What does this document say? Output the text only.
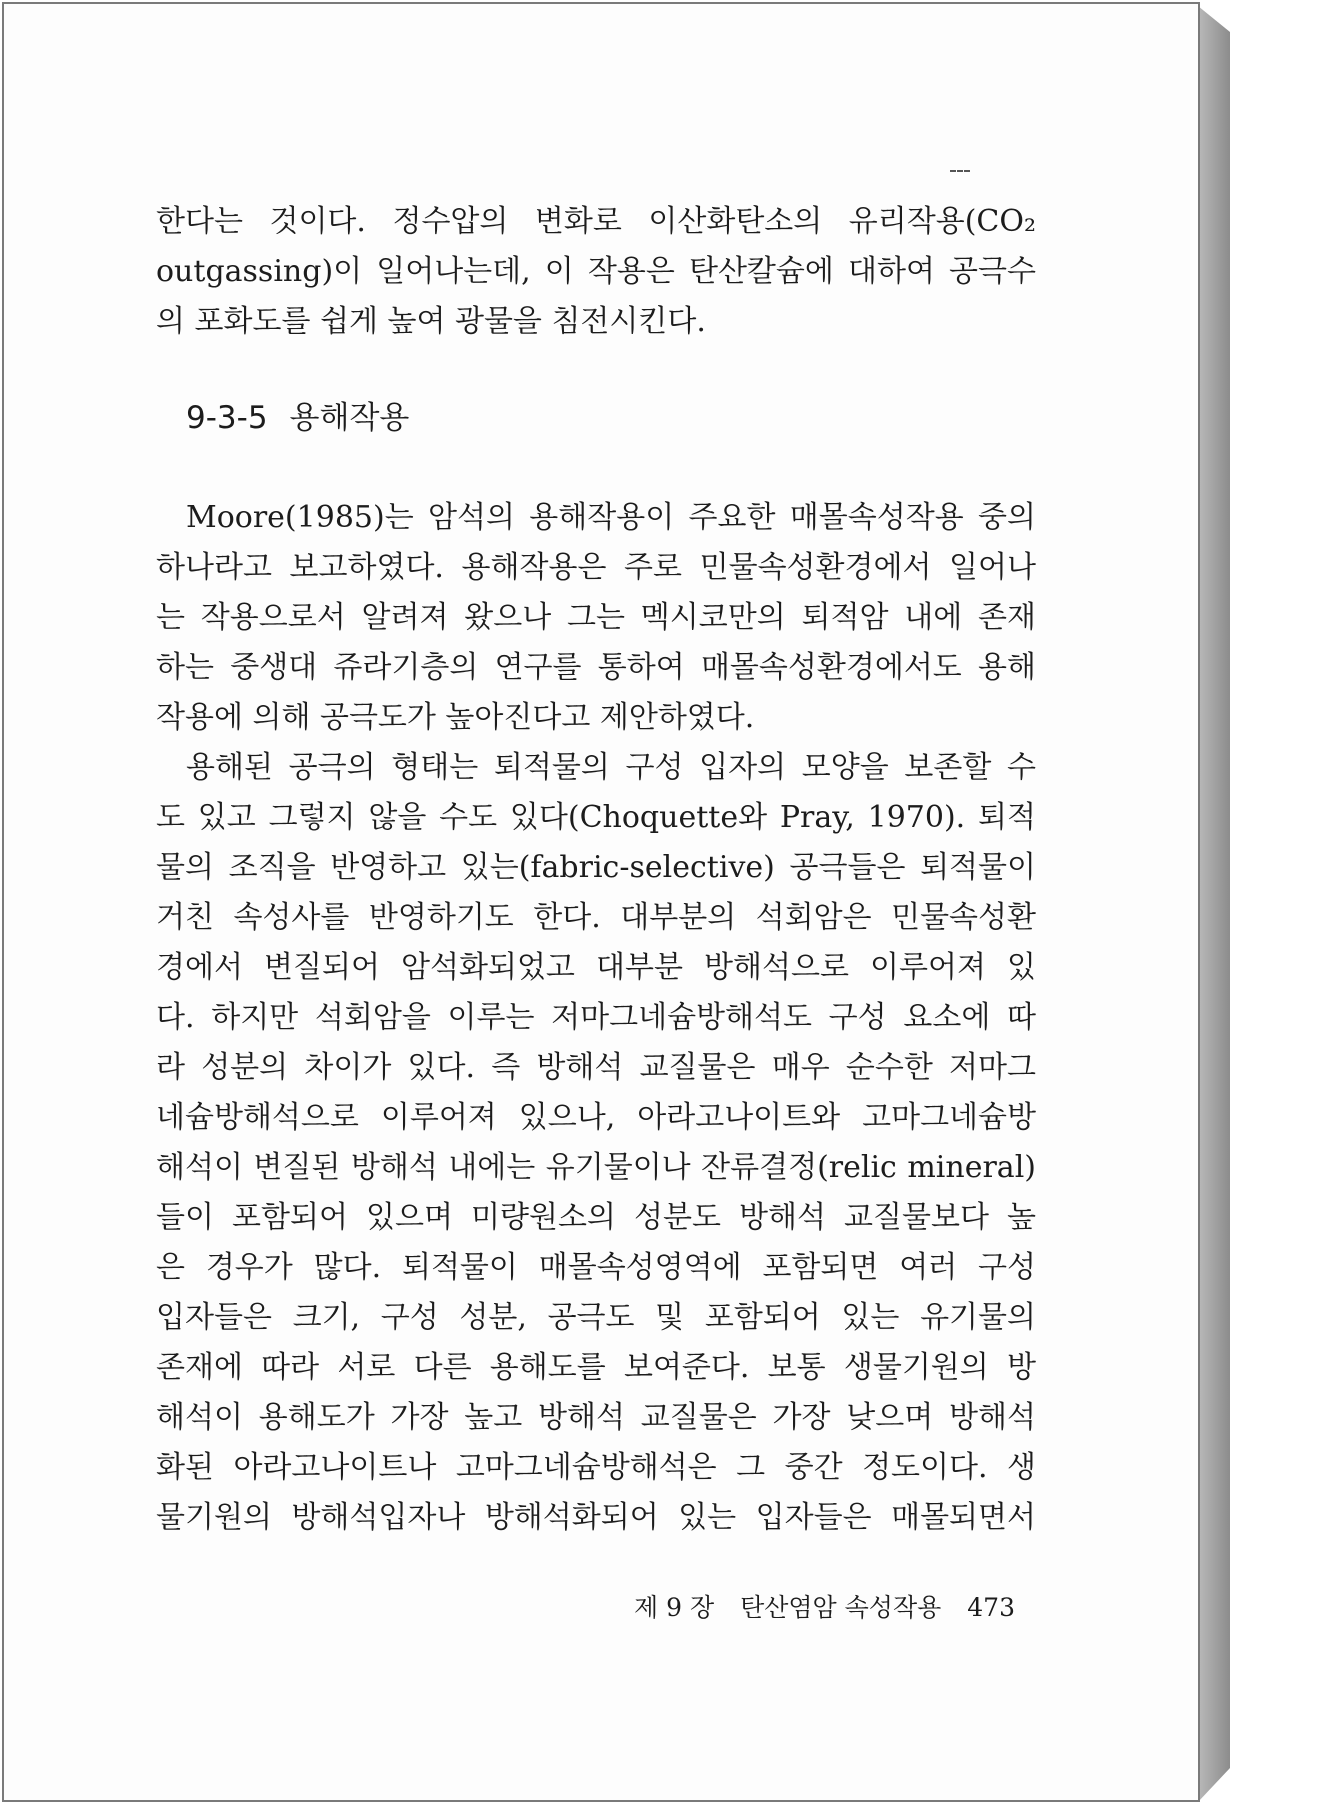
한다는 것이다. 정수압의 변화로 이산화탄소의 유리작용(CO₂
outgassing)이 일어나는데, 이 작용은 탄산칼슘에 대하여 공극수
의 포화도를 쉽게 높여 광물을 침전시킨다.
9-3-5 용해작용
Moore(1985)는 암석의 용해작용이 주요한 매몰속성작용 중의
하나라고 보고하였다. 용해작용은 주로 민물속성환경에서 일어나
는 작용으로서 알려져 왔으나 그는 멕시코만의 퇴적암 내에 존재
하는 중생대 쥬라기층의 연구를 통하여 매몰속성환경에서도 용해
작용에 의해 공극도가 높아진다고 제안하였다.
용해된 공극의 형태는 퇴적물의 구성 입자의 모양을 보존할 수
도 있고 그렇지 않을 수도 있다(Choquette와 Pray, 1970). 퇴적
물의 조직을 반영하고 있는(fabric-selective) 공극들은 퇴적물이
거친 속성사를 반영하기도 한다. 대부분의 석회암은 민물속성환
경에서 변질되어 암석화되었고 대부분 방해석으로 이루어져 있
다. 하지만 석회암을 이루는 저마그네슘방해석도 구성 요소에 따
라 성분의 차이가 있다. 즉 방해석 교질물은 매우 순수한 저마그
네슘방해석으로 이루어져 있으나, 아라고나이트와 고마그네슘방
해석이 변질된 방해석 내에는 유기물이나 잔류결정(relic mineral)
들이 포함되어 있으며 미량원소의 성분도 방해석 교질물보다 높
은 경우가 많다. 퇴적물이 매몰속성영역에 포함되면 여러 구성
입자들은 크기, 구성 성분, 공극도 및 포함되어 있는 유기물의
존재에 따라 서로 다른 용해도를 보여준다. 보통 생물기원의 방
해석이 용해도가 가장 높고 방해석 교질물은 가장 낮으며 방해석
화된 아라고나이트나 고마그네슘방해석은 그 중간 정도이다. 생
물기원의 방해석입자나 방해석화되어 있는 입자들은 매몰되면서
제 9 장 탄산염암 속성작용 473
